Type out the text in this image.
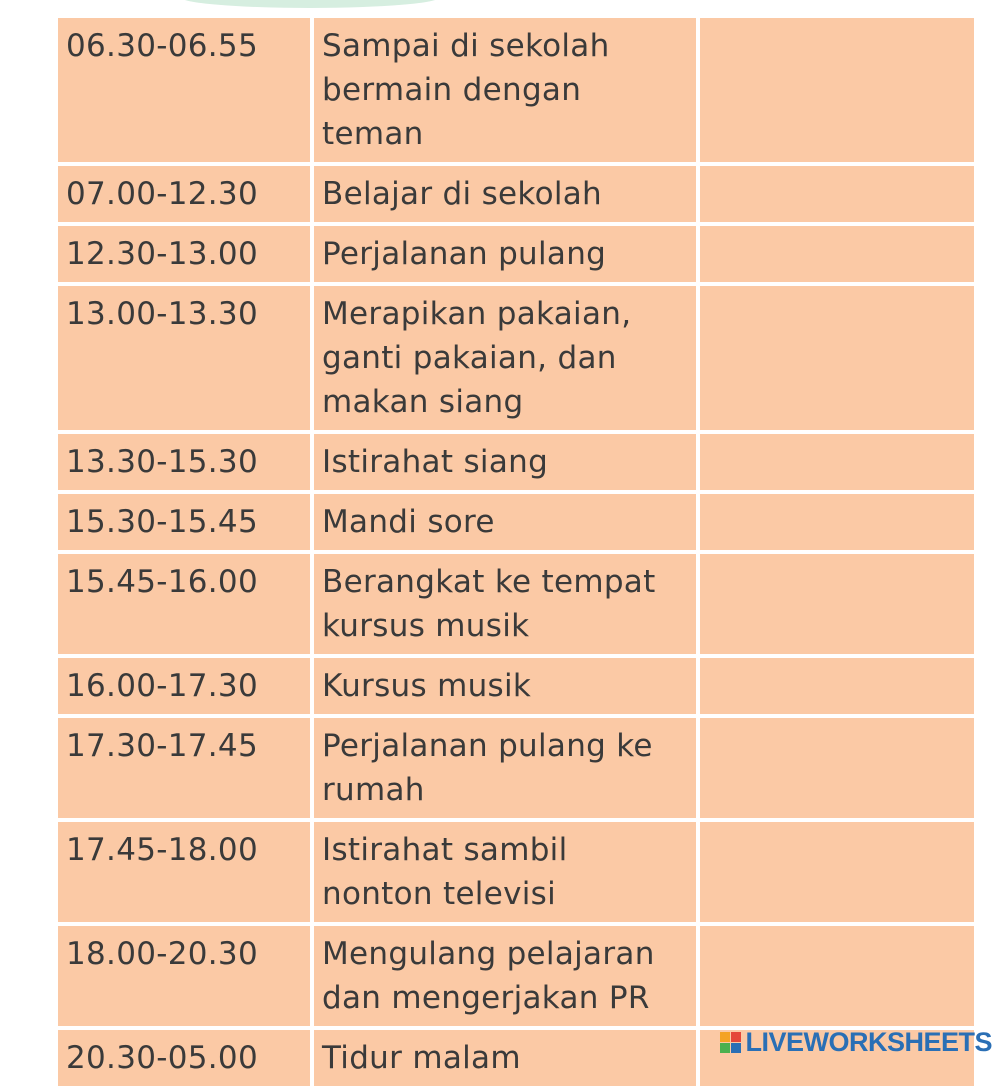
06.30-06.55	Sampai di sekolah
bermain dengan
teman	
07.00-12.30	Belajar di sekolah	
12.30-13.00	Perjalanan pulang	
13.00-13.30	Merapikan pakaian,
ganti pakaian, dan
makan siang	
13.30-15.30	Istirahat siang	
15.30-15.45	Mandi sore	
15.45-16.00	Berangkat ke tempat
kursus musik	
16.00-17.30	Kursus musik	
17.30-17.45	Perjalanan pulang ke
rumah	
17.45-18.00	Istirahat sambil
nonton televisi	
18.00-20.30	Mengulang pelajaran
dan mengerjakan PR	
20.30-05.00	Tidur malam		LIVEWORKSHEETS
